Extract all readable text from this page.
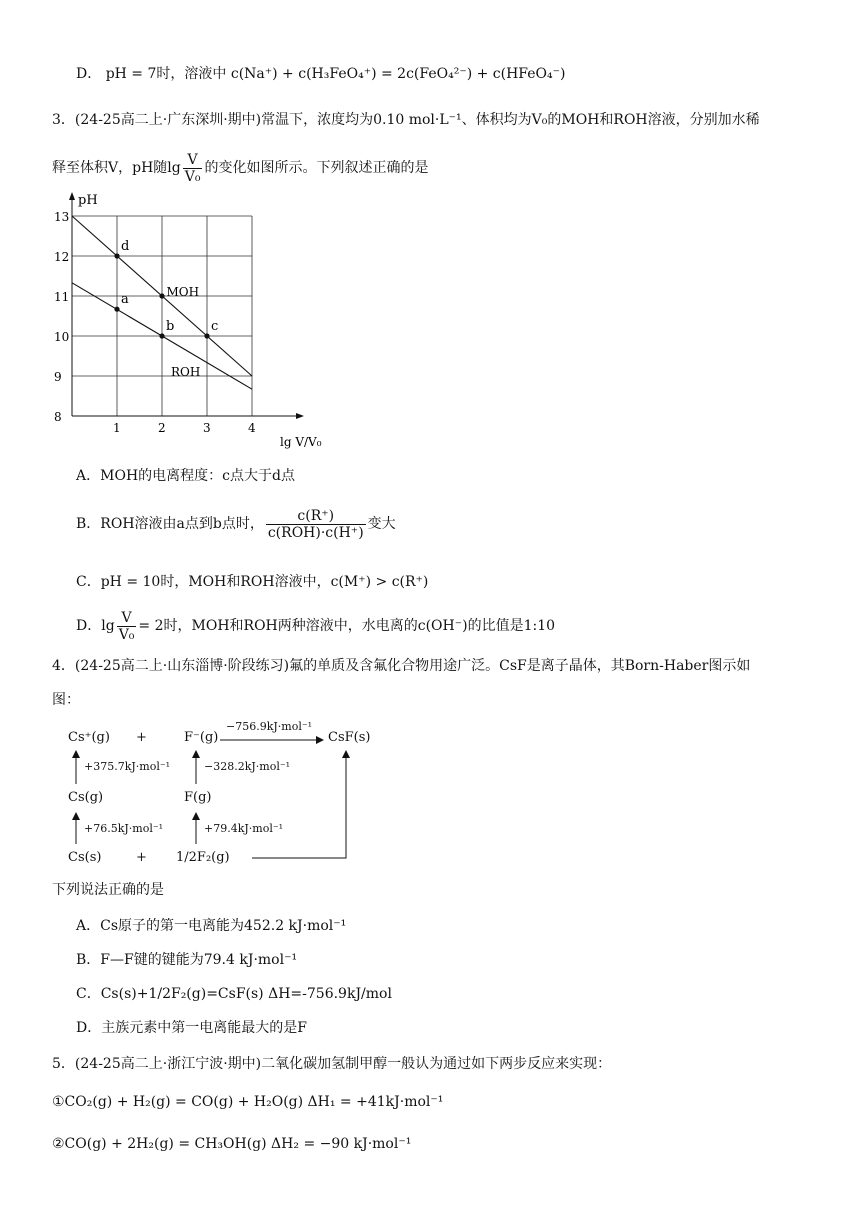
D． pH = 7时，溶液中 c(Na⁺) + c(H₃FeO₄⁺) = 2c(FeO₄²⁻) + c(HFeO₄⁻)
3．(24-25高二上·广东深圳·期中)常温下，浓度均为0.10 mol·L⁻¹、体积均为V₀的MOH和ROH溶液，分别加水稀
释至体积V，pH随$\lg \frac{V}{\text{V₀}}$ 的变化如图所示。下列叙述正确的是
pH
lg V/V₀
1	2	3	4
8
9
10
11
12
13
MOH
ROH
d
a
b	c
A．MOH的电离程度：c点大于d点
B．ROH溶液由a点到b点时， $\frac{c(R^+)}{\text{c(ROH)·c(H⁺)}}$ 变大
C．pH = 10时，MOH和ROH溶液中，c(M⁺) > c(R⁺)
D．$\lg \frac{V}{\text{V₀}} = 2$时，MOH和ROH两种溶液中，水电离的c(OH⁻)的比值是1:10
4．(24-25高二上·山东淄博·阶段练习)氟的单质及含氟化合物用途广泛。CsF是离子晶体，其Born-Haber图示如
图：
Cs⁺(g) +	F⁻(g)
−756.9kJ·mol⁻¹
CsF(s)
+375.7kJ·mol⁻¹	−328.2kJ·mol⁻¹
Cs(g)	F(g)
+76.5kJ·mol⁻¹	+79.4kJ·mol⁻¹
Cs(s)	+ 1/2F₂(g)
下列说法正确的是
A．Cs原子的第一电离能为452.2 kJ·mol⁻¹
B．F—F键的键能为79.4 kJ·mol⁻¹
C．Cs(s)+1/2F₂(g)=CsF(s) ΔH=-756.9kJ/mol
D．主族元素中第一电离能最大的是F
5．(24-25高二上·浙江宁波·期中)二氧化碳加氢制甲醇一般认为通过如下两步反应来实现：
①CO₂(g) + H₂(g) = CO(g) + H₂O(g) ΔH₁ = +41kJ·mol⁻¹
②CO(g) + 2H₂(g) = CH₃OH(g) ΔH₂ = −90 kJ·mol⁻¹
